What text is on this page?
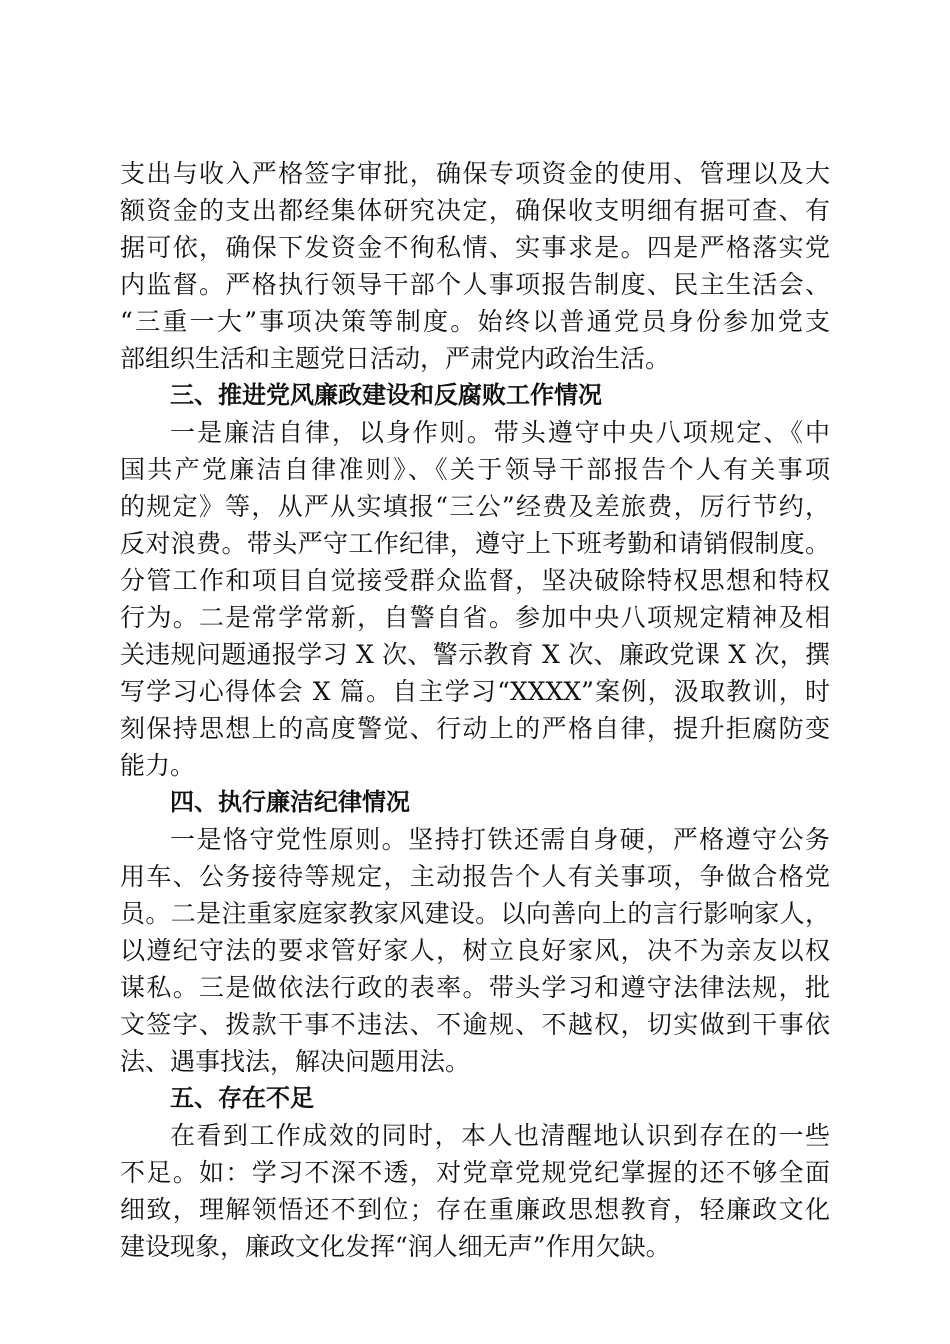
支出与收入严格签字审批，确保专项资金的使用、管理以及大
额资金的支出都经集体研究决定，确保收支明细有据可查、有
据可依，确保下发资金不徇私情、实事求是。四是严格落实党
内监督。严格执行领导干部个人事项报告制度、民主生活会、
“三重一大”事项决策等制度。始终以普通党员身份参加党支
部组织生活和主题党日活动，严肃党内政治生活。
三、推进党风廉政建设和反腐败工作情况
一是廉洁自律，以身作则。带头遵守中央八项规定、《中
国共产党廉洁自律准则》、《关于领导干部报告个人有关事项
的规定》等，从严从实填报“三公”经费及差旅费，厉行节约，
反对浪费。带头严守工作纪律，遵守上下班考勤和请销假制度。
分管工作和项目自觉接受群众监督，坚决破除特权思想和特权
行为。二是常学常新，自警自省。参加中央八项规定精神及相
关违规问题通报学习 X 次、警示教育 X 次、廉政党课 X 次，撰
写学习心得体会 X 篇。自主学习“XXXX”案例，汲取教训，时
刻保持思想上的高度警觉、行动上的严格自律，提升拒腐防变
能力。
四、执行廉洁纪律情况
一是恪守党性原则。坚持打铁还需自身硬，严格遵守公务
用车、公务接待等规定，主动报告个人有关事项，争做合格党
员。二是注重家庭家教家风建设。以向善向上的言行影响家人，
以遵纪守法的要求管好家人，树立良好家风，决不为亲友以权
谋私。三是做依法行政的表率。带头学习和遵守法律法规，批
文签字、拨款干事不违法、不逾规、不越权，切实做到干事依
法、遇事找法，解决问题用法。
五、存在不足
在看到工作成效的同时，本人也清醒地认识到存在的一些
不足。如：学习不深不透，对党章党规党纪掌握的还不够全面
细致，理解领悟还不到位；存在重廉政思想教育，轻廉政文化
建设现象，廉政文化发挥“润人细无声”作用欠缺。
